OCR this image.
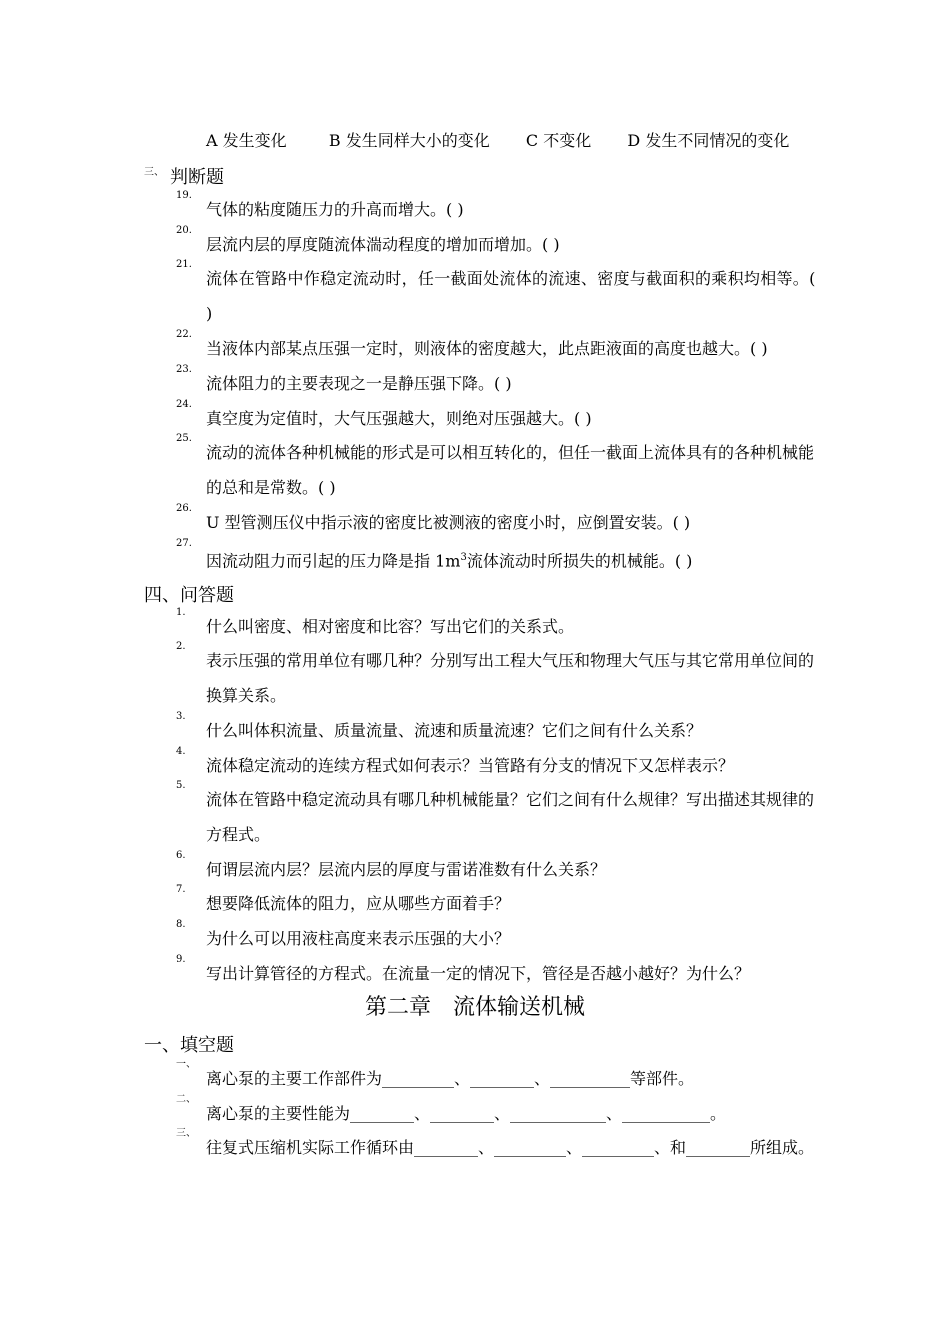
A 发生变化	B 发生同样大小的变化 C 不变化 D 发生不同情况的变化
$^{三、}$ 判断题
19.
气体的粘度随压力的升高而增大。( )
20.
层流内层的厚度随流体湍动程度的增加而增加。( )
21.
流体在管路中作稳定流动时，任一截面处流体的流速、密度与截面积的乘积均相等。( )
22.
当液体内部某点压强一定时，则液体的密度越大，此点距液面的高度也越大。( )
23.
流体阻力的主要表现之一是静压强下降。( )
24.
真空度为定值时，大气压强越大，则绝对压强越大。( )
25.
流动的流体各种机械能的形式是可以相互转化的，但任一截面上流体具有的各种机械能的总和是常数。( )
26.
U 型管测压仪中指示液的密度比被测液的密度小时，应倒置安装。( )
27.
因流动阻力而引起的压力降是指 $1m^3$流体流动时所损失的机械能。( )
四、问答题
1.
什么叫密度、相对密度和比容？写出它们的关系式。
2.
表示压强的常用单位有哪几种？分别写出工程大气压和物理大气压与其它常用单位间的换算关系。
3.
什么叫体积流量、质量流量、流速和质量流速？它们之间有什么关系？
4.
流体稳定流动的连续方程式如何表示？当管路有分支的情况下又怎样表示？
5.
流体在管路中稳定流动具有哪几种机械能量？它们之间有什么规律？写出描述其规律的方程式。
6.
何谓层流内层？层流内层的厚度与雷诺准数有什么关系？
7.
想要降低流体的阻力，应从哪些方面着手？
8.
为什么可以用液柱高度来表示压强的大小？
9.
写出计算管径的方程式。在流量一定的情况下，管径是否越小越好？为什么？
第二章　流体输送机械
一、填空题
一、
离心泵的主要工作部件为_________、________、__________等部件。
二、
离心泵的主要性能为________、________、____________、___________。
三、
往复式压缩机实际工作循环由________、_________、_________、和________所组成。
